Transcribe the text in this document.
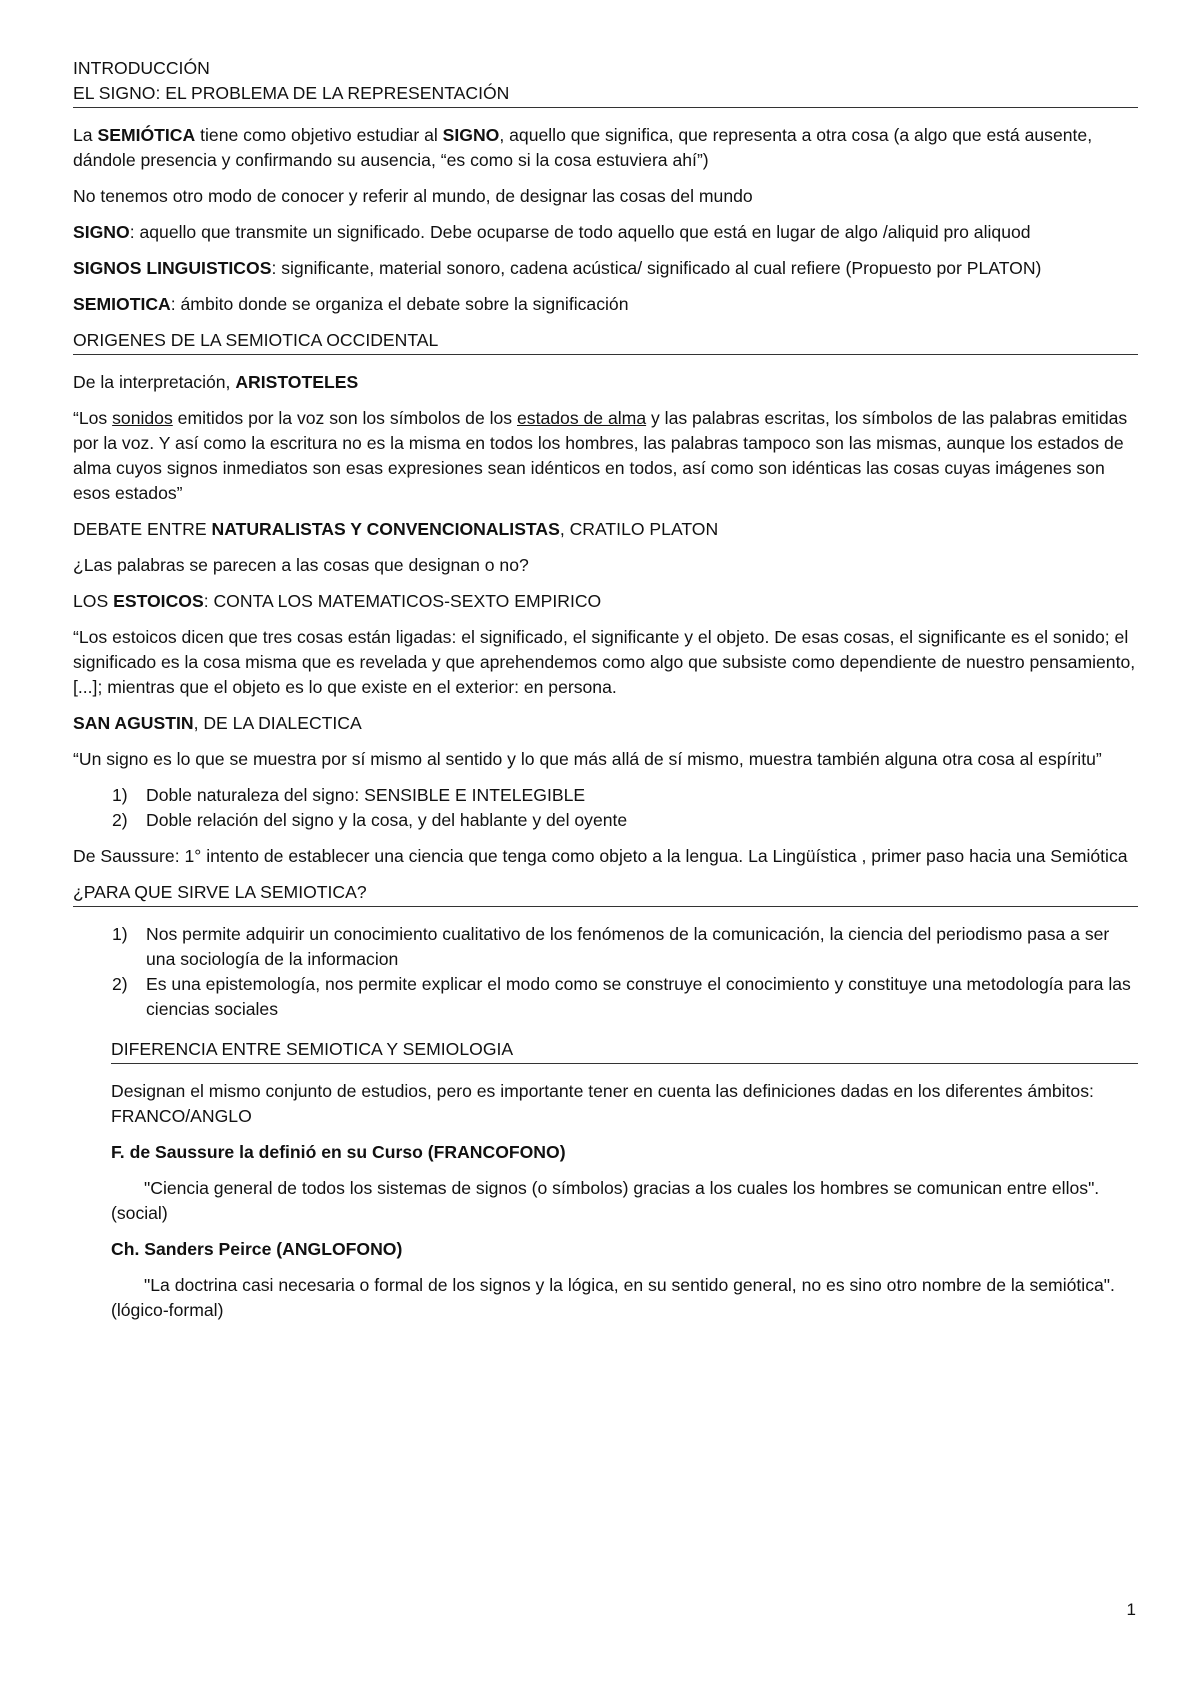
INTRODUCCIÓN

EL SIGNO: EL PROBLEMA DE LA REPRESENTACIÓN

La SEMIÓTICA tiene como objetivo estudiar al SIGNO, aquello que significa, que representa a otra cosa (a algo que está ausente, dándole presencia y confirmando su ausencia, “es como si la cosa estuviera ahí”)

No tenemos otro modo de conocer y referir al mundo, de designar las cosas del mundo

SIGNO: aquello que transmite un significado. Debe ocuparse de todo aquello que está en lugar de algo /aliquid pro aliquod

SIGNOS LINGUISTICOS: significante, material sonoro, cadena acústica/ significado al cual refiere (Propuesto por PLATON)

SEMIOTICA: ámbito donde se organiza el debate sobre la significación

ORIGENES DE LA SEMIOTICA OCCIDENTAL

De la interpretación, ARISTOTELES

“Los sonidos emitidos por la voz son los símbolos de los estados de alma y las palabras escritas, los símbolos de las palabras emitidas por la voz. Y así como la escritura no es la misma en todos los hombres, las palabras tampoco son las mismas, aunque los estados de alma cuyos signos inmediatos son esas expresiones sean idénticos en todos, así como son idénticas las cosas cuyas imágenes son esos estados”

DEBATE ENTRE NATURALISTAS Y CONVENCIONALISTAS, CRATILO PLATON

¿Las palabras se parecen a las cosas que designan o no?

LOS ESTOICOS: CONTA LOS MATEMATICOS-SEXTO EMPIRICO

“Los estoicos dicen que tres cosas están ligadas: el significado, el significante y el objeto. De esas cosas, el significante es el sonido; el significado es la cosa misma que es revelada y que aprehendemos como algo que subsiste como dependiente de nuestro pensamiento, [...]; mientras que el objeto es lo que existe en el exterior: en persona.

SAN AGUSTIN, DE LA DIALECTICA

“Un signo es lo que se muestra por sí mismo al sentido y lo que más allá de sí mismo, muestra también alguna otra cosa al espíritu”

1) Doble naturaleza del signo: SENSIBLE E INTELEGIBLE
2) Doble relación del signo y la cosa, y del hablante y del oyente

De Saussure: 1° intento de establecer una ciencia que tenga como objeto a la lengua. La Lingüística , primer paso hacia una Semiótica

¿PARA QUE SIRVE LA SEMIOTICA?

1) Nos permite adquirir un conocimiento cualitativo de los fenómenos de la comunicación, la ciencia del periodismo pasa a ser una sociología de la informacion
2) Es una epistemología, nos permite explicar el modo como se construye el conocimiento y constituye una metodología para las ciencias sociales

DIFERENCIA ENTRE SEMIOTICA Y SEMIOLOGIA

Designan el mismo conjunto de estudios, pero es importante tener en cuenta las definiciones dadas en los diferentes ámbitos: FRANCO/ANGLO

F. de Saussure la definió en su Curso (FRANCOFONO)

"Ciencia general de todos los sistemas de signos (o símbolos) gracias a los cuales los hombres se comunican entre ellos". (social)

Ch. Sanders Peirce (ANGLOFONO)

"La doctrina casi necesaria o formal de los signos y la lógica, en su sentido general, no es sino otro nombre de la semiótica". (lógico-formal)

1
